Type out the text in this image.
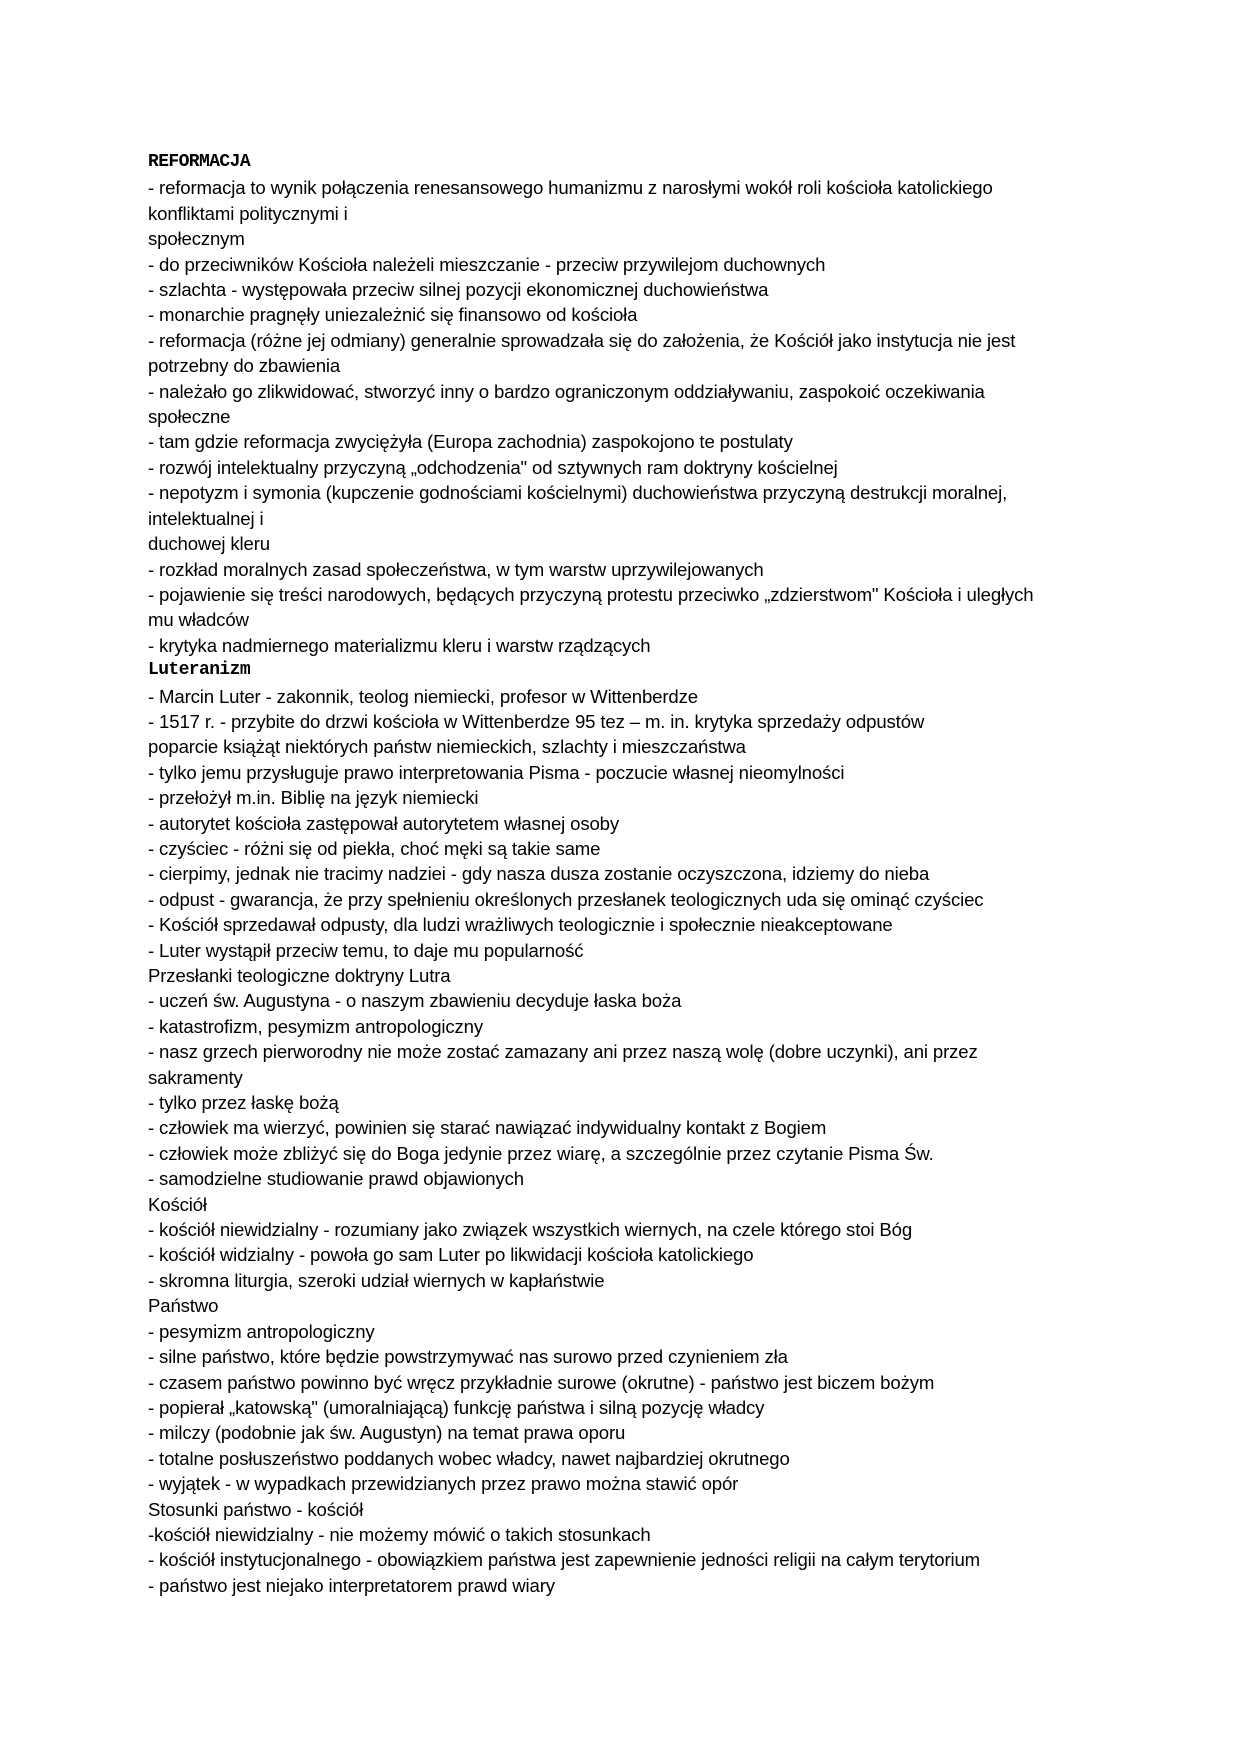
REFORMACJA
- reformacja to wynik połączenia renesansowego humanizmu z narosłymi wokół roli kościoła katolickiego
konfliktami politycznymi i
społecznym
- do przeciwników Kościoła należeli mieszczanie - przeciw przywilejom duchownych
- szlachta - występowała przeciw silnej pozycji ekonomicznej duchowieństwa
- monarchie pragnęły uniezależnić się finansowo od kościoła
- reformacja (różne jej odmiany) generalnie sprowadzała się do założenia, że Kościół jako instytucja nie jest
potrzebny do zbawienia
- należało go zlikwidować, stworzyć inny o bardzo ograniczonym oddziaływaniu, zaspokoić oczekiwania
społeczne
- tam gdzie reformacja zwyciężyła (Europa zachodnia) zaspokojono te postulaty
- rozwój intelektualny przyczyną „odchodzenia" od sztywnych ram doktryny kościelnej
- nepotyzm i symonia (kupczenie godnościami kościelnymi) duchowieństwa przyczyną destrukcji moralnej,
intelektualnej i
duchowej kleru
- rozkład moralnych zasad społeczeństwa, w tym warstw uprzywilejowanych
- pojawienie się treści narodowych, będących przyczyną protestu przeciwko „zdzierstwom" Kościoła i uległych
mu władców
- krytyka nadmiernego materializmu kleru i warstw rządzących
Luteranizm
- Marcin Luter - zakonnik, teolog niemiecki, profesor w Wittenberdze
- 1517 r. - przybite do drzwi kościoła w Wittenberdze 95 tez – m. in. krytyka sprzedaży odpustów
poparcie książąt niektórych państw niemieckich, szlachty i mieszczaństwa
- tylko jemu przysługuje prawo interpretowania Pisma - poczucie własnej nieomylności
- przełożył m.in. Biblię na język niemiecki
- autorytet kościoła zastępował autorytetem własnej osoby
- czyściec - różni się od piekła, choć męki są takie same
- cierpimy, jednak nie tracimy nadziei - gdy nasza dusza zostanie oczyszczona, idziemy do nieba
- odpust - gwarancja, że przy spełnieniu określonych przesłanek teologicznych uda się ominąć czyściec
- Kościół sprzedawał odpusty, dla ludzi wrażliwych teologicznie i społecznie nieakceptowane
- Luter wystąpił przeciw temu, to daje mu popularność
Przesłanki teologiczne doktryny Lutra
- uczeń św. Augustyna - o naszym zbawieniu decyduje łaska boża
- katastrofizm, pesymizm antropologiczny
- nasz grzech pierworodny nie może zostać zamazany ani przez naszą wolę (dobre uczynki), ani przez
sakramenty
- tylko przez łaskę bożą
- człowiek ma wierzyć, powinien się starać nawiązać indywidualny kontakt z Bogiem
- człowiek może zbliżyć się do Boga jedynie przez wiarę, a szczególnie przez czytanie Pisma Św.
- samodzielne studiowanie prawd objawionych
Kościół
- kościół niewidzialny - rozumiany jako związek wszystkich wiernych, na czele którego stoi Bóg
- kościół widzialny - powoła go sam Luter po likwidacji kościoła katolickiego
- skromna liturgia, szeroki udział wiernych w kapłaństwie
Państwo
- pesymizm antropologiczny
- silne państwo, które będzie powstrzymywać nas surowo przed czynieniem zła
- czasem państwo powinno być wręcz przykładnie surowe (okrutne) - państwo jest biczem bożym
- popierał „katowską" (umoralniającą) funkcję państwa i silną pozycję władcy
- milczy (podobnie jak św. Augustyn) na temat prawa oporu
- totalne posłuszeństwo poddanych wobec władcy, nawet najbardziej okrutnego
- wyjątek - w wypadkach przewidzianych przez prawo można stawić opór
Stosunki państwo - kościół
-kościół niewidzialny - nie możemy mówić o takich stosunkach
- kościół instytucjonalnego - obowiązkiem państwa jest zapewnienie jedności religii na całym terytorium
- państwo jest niejako interpretatorem prawd wiary
